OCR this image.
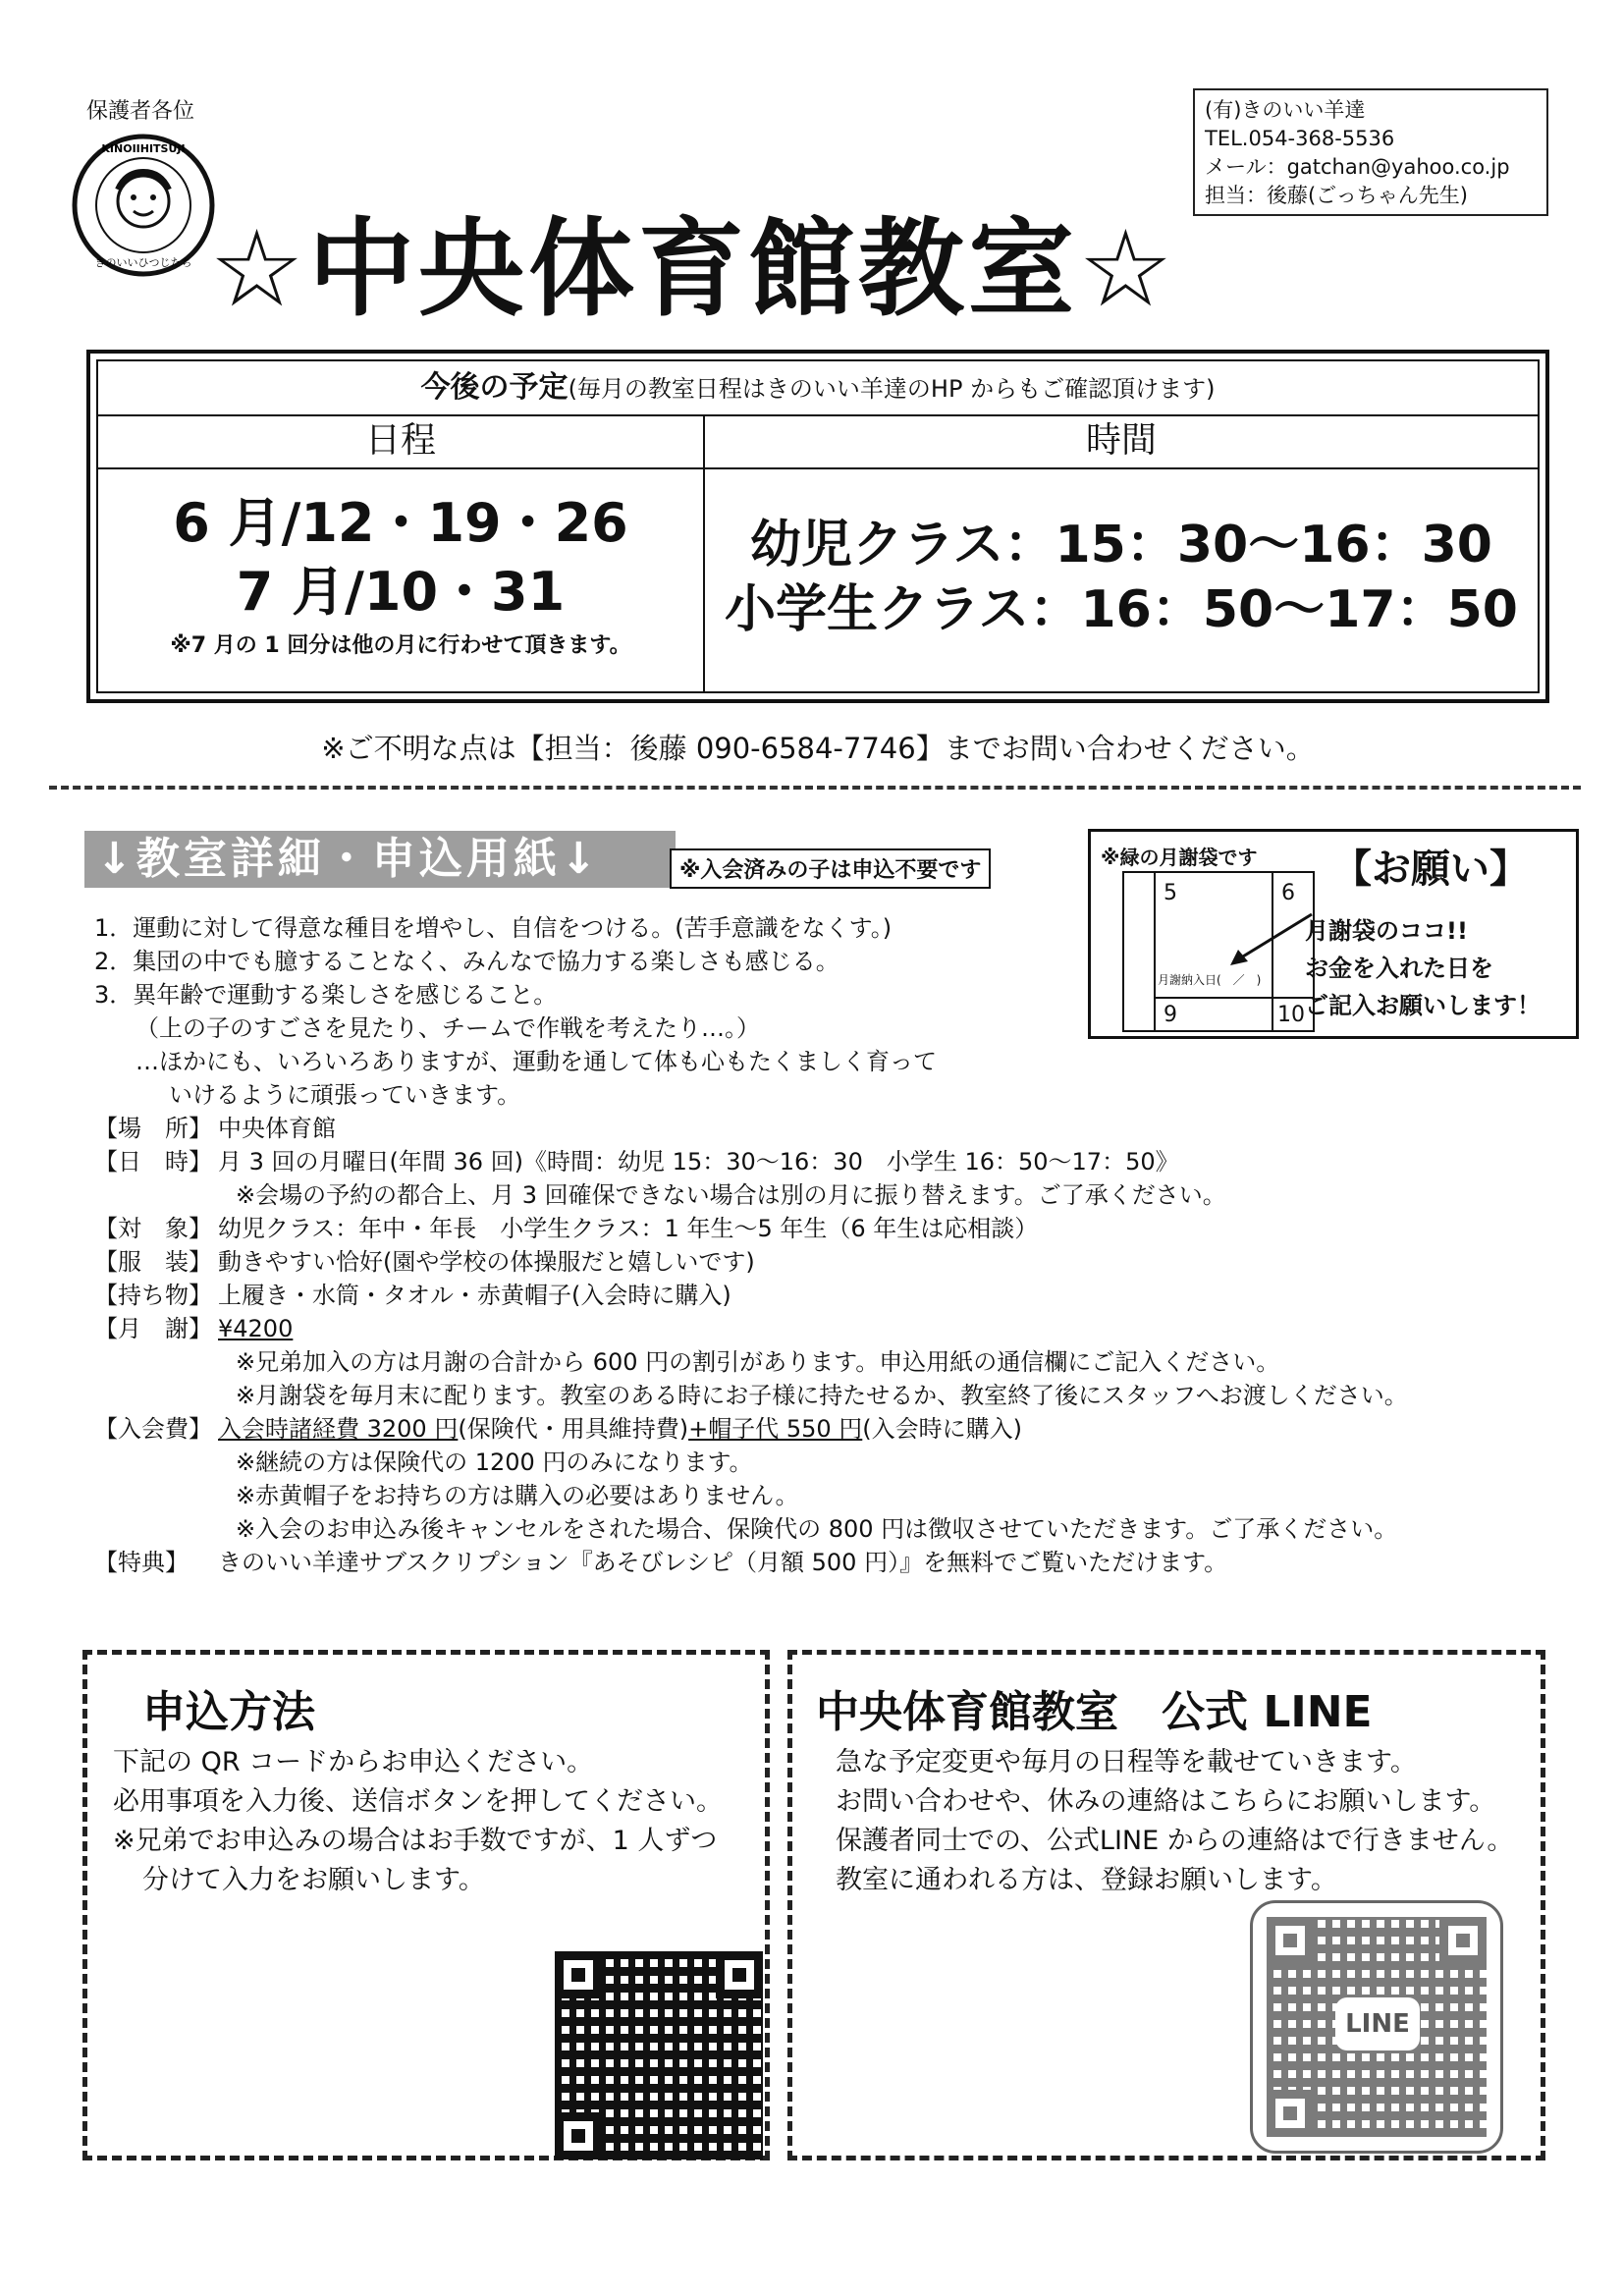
保護者各位
KINOIIHITSUJI
きのいいひつじたち
(有)きのいい羊達
TEL.054-368-5536
メール：gatchan@yahoo.co.jp
担当：後藤(ごっちゃん先生)
☆中央体育館教室☆
今後の予定(毎月の教室日程はきのいい羊達のHP からもご確認頂けます)
日程
6 月/12・19・26
7 月/10・31
※7 月の 1 回分は他の月に行わせて頂きます。
時間
幼児クラス：15：30〜16：30
小学生クラス：16：50〜17：50
※ご不明な点は【担当：後藤 090-6584-7746】までお問い合わせください。
↓教室詳細・申込用紙↓	※入会済みの子は申込不要です
※緑の月謝袋です 【お願い】
5	6
9	10
月謝納入日(　／　)
月謝袋のココ!!
お金を入れた日を
ご記入お願いします！
1．運動に対して得意な種目を増やし、自信をつける。(苦手意識をなくす。)
2．集団の中でも臆することなく、みんなで協力する楽しさも感じる。
3．異年齢で運動する楽しさを感じること。
（上の子のすごさを見たり、チームで作戦を考えたり…。）
…ほかにも、いろいろありますが、運動を通して体も心もたくましく育って
いけるように頑張っていきます。
【場　所】 中央体育館
【日　時】 月 3 回の月曜日(年間 36 回)《時間：幼児 15：30〜16：30　小学生 16：50〜17：50》
※会場の予約の都合上、月 3 回確保できない場合は別の月に振り替えます。ご了承ください。
【対　象】 幼児クラス：年中・年長　小学生クラス：1 年生〜5 年生（6 年生は応相談）
【服　装】 動きやすい恰好(園や学校の体操服だと嬉しいです)
【持ち物】 上履き・水筒・タオル・赤黄帽子(入会時に購入)
【月　謝】 ¥4200
※兄弟加入の方は月謝の合計から 600 円の割引があります。申込用紙の通信欄にご記入ください。
※月謝袋を毎月末に配ります。教室のある時にお子様に持たせるか、教室終了後にスタッフへお渡しください。
【入会費】 入会時諸経費 3200 円(保険代・用具維持費)+帽子代 550 円(入会時に購入)
※継続の方は保険代の 1200 円のみになります。
※赤黄帽子をお持ちの方は購入の必要はありません。
※入会のお申込み後キャンセルをされた場合、保険代の 800 円は徴収させていただきます。ご了承ください。
【特典】 きのいい羊達サブスクリプション『あそびレシピ（月額 500 円）』を無料でご覧いただけます。
申込方法
下記の QR コードからお申込ください。
必用事項を入力後、送信ボタンを押してください。
※兄弟でお申込みの場合はお手数ですが、1 人ずつ
分けて入力をお願いします。
中央体育館教室　公式 LINE
急な予定変更や毎月の日程等を載せていきます。
お問い合わせや、休みの連絡はこちらにお願いします。
保護者同士での、公式LINE からの連絡はで行きません。
教室に通われる方は、登録お願いします。
LINE
